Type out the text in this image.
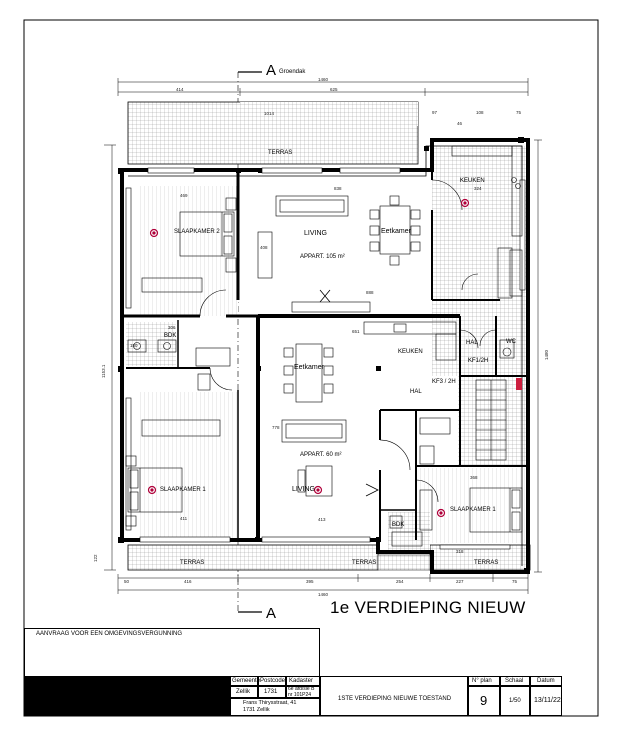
A Groendak
A
1460
414	625
97	108	75
1014
46
50	416	395	254	227	75
1460
1153.1
122
1480
469
838	324
888
651
413
411
368
318
306
180
778
408
SLAAPKAMER 2	LIVING	Eetkamer
APPART. 105 m²
KEUKEN
BDK
WC
KF1/2H
HAL
Eetkamer
KEUKEN
KF3 / 2H
HAL
APPART. 60 m²
LIVING
SLAAPKAMER 1
SLAAPKAMER 1
BDK
TERRAS
TERRAS	TERRAS	TERRAS
1e VERDIEPING NIEUW
AANVRAAG VOOR EEN OMGEVINGSVERGUNNING
Gemeente Postcode Kadaster
Zellik 1731 6e afd/sie B
nr 101P24
Frans Thirysstraat, 41
1731 Zellik
1STE VERDIEPING NIEUWE TOESTAND
N° plan Schaal Datum
9	1/50 13/11/22
